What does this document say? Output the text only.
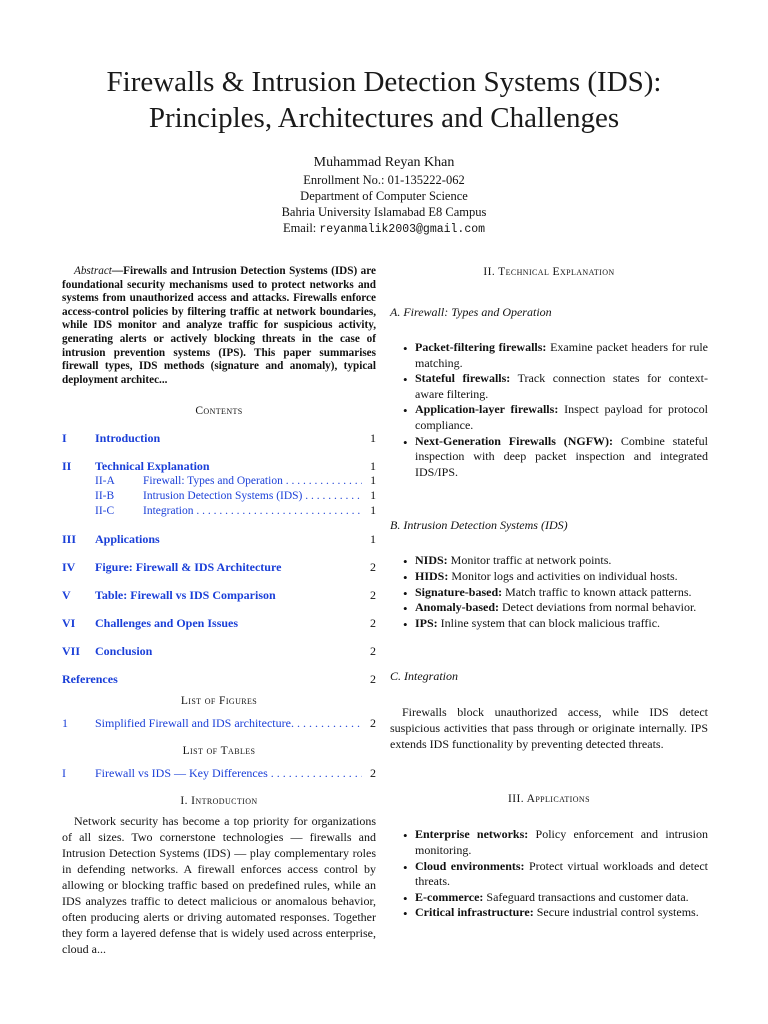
Firewalls & Intrusion Detection Systems (IDS):
Principles, Architectures and Challenges
Muhammad Reyan Khan
Enrollment No.: 01-135222-062
Department of Computer Science
Bahria University Islamabad E8 Campus
Email: reyanmalik2003@gmail.com

Abstract—Firewalls and Intrusion Detection Systems (IDS) are foundational security mechanisms used to protect networks and systems from unauthorized access and attacks. Firewalls enforce access-control policies by filtering traffic at network boundaries, while IDS monitor and analyze traffic for suspicious activity, generating alerts or actively blocking threats in the case of intrusion prevention systems (IPS). This paper summarises firewall types, IDS methods (signature and anomaly), typical deployment architec...

Contents
I	Introduction	1
II	Technical Explanation	1
II-A	Firewall: Types and Operation . . .	1
II-B	Intrusion Detection Systems (IDS) . . .	1
II-C	Integration . . .	1
III	Applications	1
IV	Figure: Firewall & IDS Architecture	2
V	Table: Firewall vs IDS Comparison	2
VI	Challenges and Open Issues	2
VII	Conclusion	2
References	2
List of Figures
1	Simplified Firewall and IDS architecture. . . .	2
List of Tables
I	Firewall vs IDS — Key Differences . . .	2
I. Introduction

Network security has become a top priority for organizations of all sizes. Two cornerstone technologies — firewalls and Intrusion Detection Systems (IDS) — play complementary roles in defending networks. A firewall enforces access control by allowing or blocking traffic based on predefined rules, while an IDS analyzes traffic to detect malicious or anomalous behavior, often producing alerts or driving automated responses. Together they form a layered defense that is widely used across enterprise, cloud a...

II. Technical Explanation
A. Firewall: Types and Operation
• Packet-filtering firewalls: Examine packet headers for rule matching.
• Stateful firewalls: Track connection states for context-aware filtering.
• Application-layer firewalls: Inspect payload for protocol compliance.
• Next-Generation Firewalls (NGFW): Combine stateful inspection with deep packet inspection and integrated IDS/IPS.
B. Intrusion Detection Systems (IDS)
• NIDS: Monitor traffic at network points.
• HIDS: Monitor logs and activities on individual hosts.
• Signature-based: Match traffic to known attack patterns.
• Anomaly-based: Detect deviations from normal behavior.
• IPS: Inline system that can block malicious traffic.
C. Integration

Firewalls block unauthorized access, while IDS detect suspicious activities that pass through or originate internally. IPS extends IDS functionality by preventing detected threats.

III. Applications
• Enterprise networks: Policy enforcement and intrusion monitoring.
• Cloud environments: Protect virtual workloads and detect threats.
• E-commerce: Safeguard transactions and customer data.
• Critical infrastructure: Secure industrial control systems.
